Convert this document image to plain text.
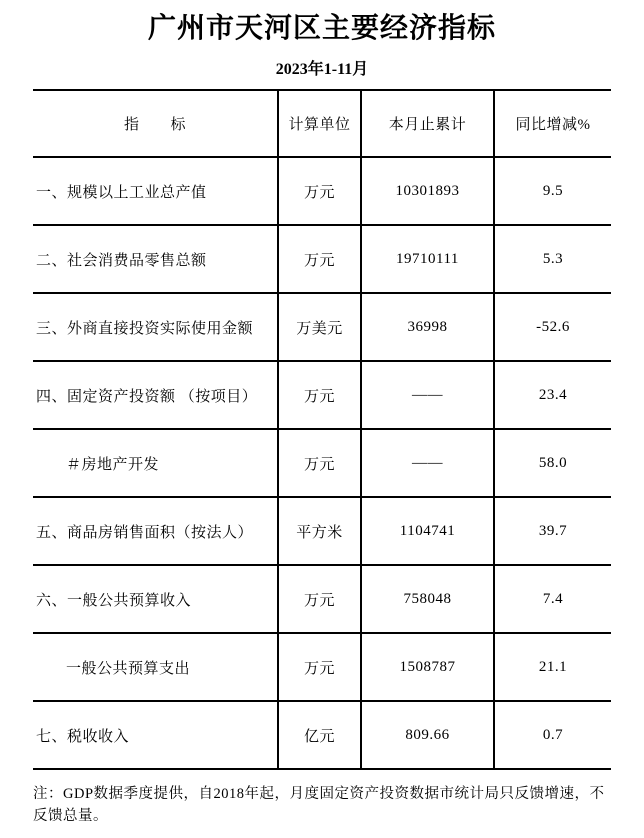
广州市天河区主要经济指标
2023年1-11月
指　　标	计算单位	本月止累计	同比增减%
一、规模以上工业总产值	万元	10301893	9.5
二、社会消费品零售总额	万元	19710111	5.3
三、外商直接投资实际使用金额	万美元	36998	-52.6
四、固定资产投资额 （按项目）	万元	——	23.4
＃房地产开发	万元	——	58.0
五、商品房销售面积（按法人）	平方米	1104741	39.7
六、一般公共预算收入	万元	758048	7.4
一般公共预算支出	万元	1508787	21.1
七、税收收入	亿元	809.66	0.7

注：GDP数据季度提供，自2018年起，月度固定资产投资数据市统计局只反馈增速，不反馈总量。
